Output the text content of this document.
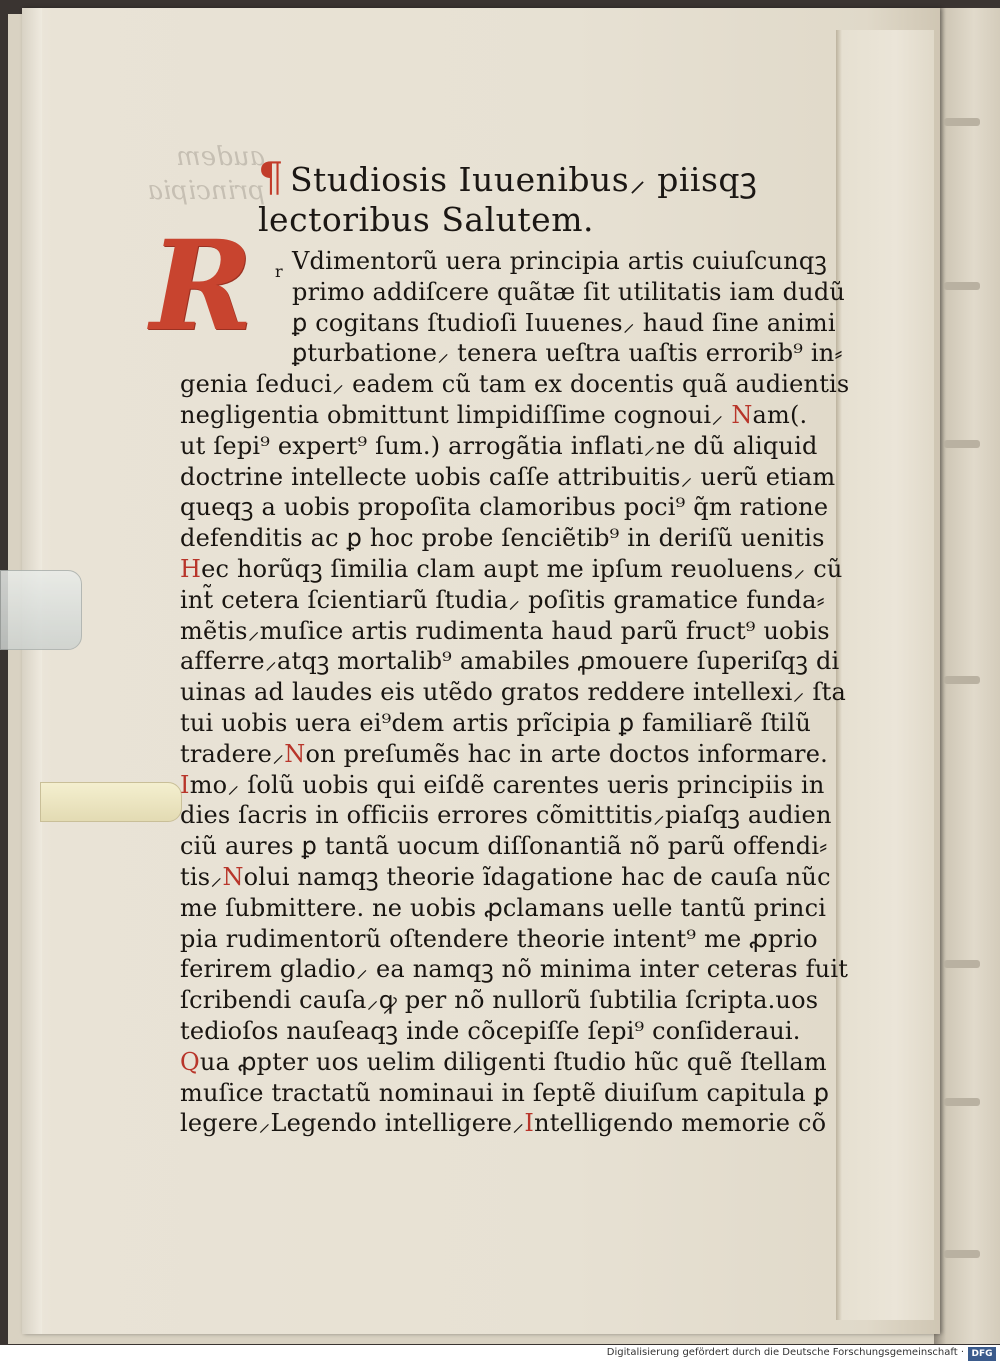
audem
principia
¶ Studiosis Iuuenibus⸝ piisqꝫ
lectoribus Salutem.
R	r Vdimentorũ uera principia artis cuiuſcunqꝫ
primo addiſcere quãtæ ſit utilitatis iam dudũ
ꝑ cogitans ſtudioſi Iuuenes⸝ haud ſine animi
ꝑturbatione⸝ tenera ueſtra uaſtis errorib⁹ in⸗
genia ſeduci⸝ eadem cũ tam ex docentis quã audientis
negligentia obmittunt limpidiſſime cognoui⸝ Nam(.
ut ſepi⁹ expert⁹ ſum.) arrogãtia inflati⸝ne dũ aliquid
doctrine intellecte uobis caſſe attribuitis⸝ uerũ etiam
queqꝫ a uobis propoſita clamoribus poci⁹ q̃m ratione
defenditis ac ꝑ hoc probe ſenciẽtib⁹ in deriſũ uenitis
Hec horũqꝫ ſimilia clam aupt me ipſum reuoluens⸝ cũ
int̃ cetera ſcientiarũ ſtudia⸝ poſitis gramatice funda⸗
mẽtis⸝muſice artis rudimenta haud parũ fruct⁹ uobis
afferre⸝atqꝫ mortalib⁹ amabiles ꝓmouere ſuperiſqꝫ di
uinas ad laudes eis utẽdo gratos reddere intellexi⸝ ſta
tui uobis uera ei⁹dem artis prĩcipia ꝑ familiarẽ ſtilũ
tradere⸝Non preſumẽs hac in arte doctos informare.
Imo⸝ ſolũ uobis qui eiſdẽ carentes ueris principiis in
dies ſacris in officiis errores cõmittitis⸝piaſqꝫ audien
ciũ aures ꝑ tantã uocum diſſonantiã nõ parũ offendi⸗
tis⸝Nolui namqꝫ theorie ĩdagatione hac de cauſa nũc
me ſubmittere. ne uobis ꝓclamans uelle tantũ princi
pia rudimentorũ oſtendere theorie intent⁹ me ꝓprio
ferirem gladio⸝ ea namqꝫ nõ minima inter ceteras fuit
ſcribendi cauſa⸝ꝙ per nõ nullorũ ſubtilia ſcripta.uos
tedioſos nauſeaqꝫ inde cõcepiſſe ſepi⁹ conſideraui.
Qua ꝓpter uos uelim diligenti ſtudio hũc quẽ ſtellam
muſice tractatũ nominaui in ſeptẽ diuiſum capitula ꝑ
legere⸝Legendo intelligere⸝Intelligendo memorie cõ
Digitalisierung gefördert durch die Deutsche Forschungsgemeinschaft · DFG
